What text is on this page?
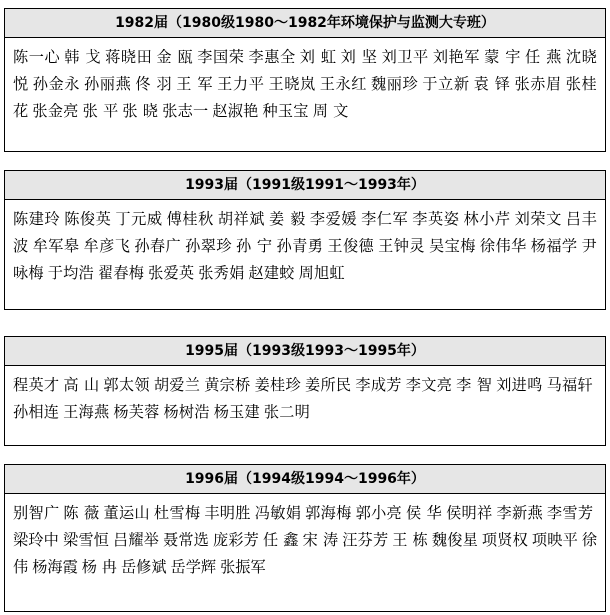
1982届（1980级1980～1982年环境保护与监测大专班）
陈一心 韩 戈 蒋晓田 金 瓯 李国荣 李惠全 刘 虹 刘 坚 刘卫平 刘艳军 蒙 宇 任 燕 沈晓悦 孙金永 孙丽燕 佟 羽 王 军 王力平 王晓岚 王永红 魏丽珍 于立新 袁 铎 张赤眉 张桂花 张金亮 张 平 张 晓 张志一 赵淑艳 种玉宝 周 文
1993届（1991级1991～1993年）
陈建玲 陈俊英 丁元威 傅桂秋 胡祥斌 姜 毅 李爱媛 李仁军 李英姿 林小芹 刘荣文 吕丰波 牟军皋 牟彦飞 孙春广 孙翠珍 孙 宁 孙青勇 王俊德 王钟灵 吴宝梅 徐伟华 杨福学 尹咏梅 于均浩 翟春梅 张爱英 张秀娟 赵建蛟 周旭虹
1995届（1993级1993～1995年）
程英才 高 山 郭太领 胡爱兰 黄宗桥 姜桂珍 姜所民 李成芳 李文亮 李 智 刘进鸣 马福轩孙相连 王海燕 杨芙蓉 杨树浩 杨玉建 张二明
1996届（1994级1994～1996年）
别智广 陈 薇 董运山 杜雪梅 丰明胜 冯敏娟 郭海梅 郭小亮 侯 华 侯明祥 李新燕 李雪芳梁玲中 梁雪恒 吕耀举 聂常选 庞彩芳 任 鑫 宋 涛 汪芬芳 王 栋 魏俊星 项贤权 项映平 徐 伟 杨海霞 杨 冉 岳修斌 岳学辉 张振军
